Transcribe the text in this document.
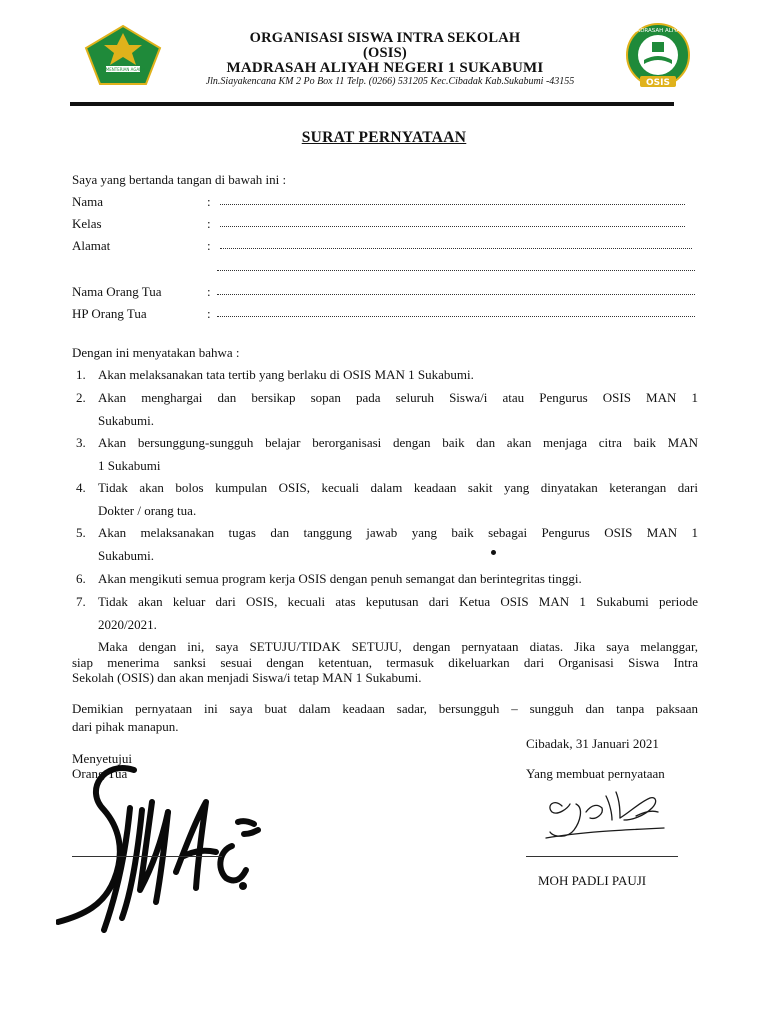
KEMENTERIAN AGAMA
MADRASAH ALIYAH
OSIS
ORGANISASI SISWA INTRA SEKOLAH
(OSIS)
MADRASAH ALIYAH NEGERI 1 SUKABUMI
Jln.Siayakencana KM 2 Po Box 11 Telp. (0266) 531205 Kec.Cibadak Kab.Sukabumi -43155
SURAT PERNYATAAN
Saya yang bertanda tangan di bawah ini :
Nama	:
Kelas	:
Alamat	:
Nama Orang Tua	:
HP Orang Tua	:
Dengan ini menyatakan bahwa :
1. Akan melaksanakan tata tertib yang berlaku di OSIS MAN 1 Sukabumi.
2. Akan menghargai dan bersikap sopan pada seluruh Siswa/i atau Pengurus OSIS MAN 1
Sukabumi.
3. Akan bersunggung-sungguh belajar berorganisasi dengan baik dan akan menjaga citra baik MAN
1 Sukabumi
4. Tidak akan bolos kumpulan OSIS, kecuali dalam keadaan sakit yang dinyatakan keterangan dari
Dokter / orang tua.
5. Akan melaksanakan tugas dan tanggung jawab yang baik sebagai Pengurus OSIS MAN 1
Sukabumi.
6. Akan mengikuti semua program kerja OSIS dengan penuh semangat dan berintegritas tinggi.
7. Tidak akan keluar dari OSIS, kecuali atas keputusan dari Ketua OSIS MAN 1 Sukabumi periode
2020/2021.
Maka dengan ini, saya SETUJU/TIDAK SETUJU, dengan pernyataan diatas. Jika saya melanggar,
siap menerima sanksi sesuai dengan ketentuan, termasuk dikeluarkan dari Organisasi Siswa Intra
Sekolah (OSIS) dan akan menjadi Siswa/i tetap MAN 1 Sukabumi.
Demikian pernyataan ini saya buat dalam keadaan sadar, bersungguh – sungguh dan tanpa paksaan
dari pihak manapun.
Cibadak, 31 Januari 2021
Menyetujui
Orang Tua	Yang membuat pernyataan
MOH PADLI PAUJI
